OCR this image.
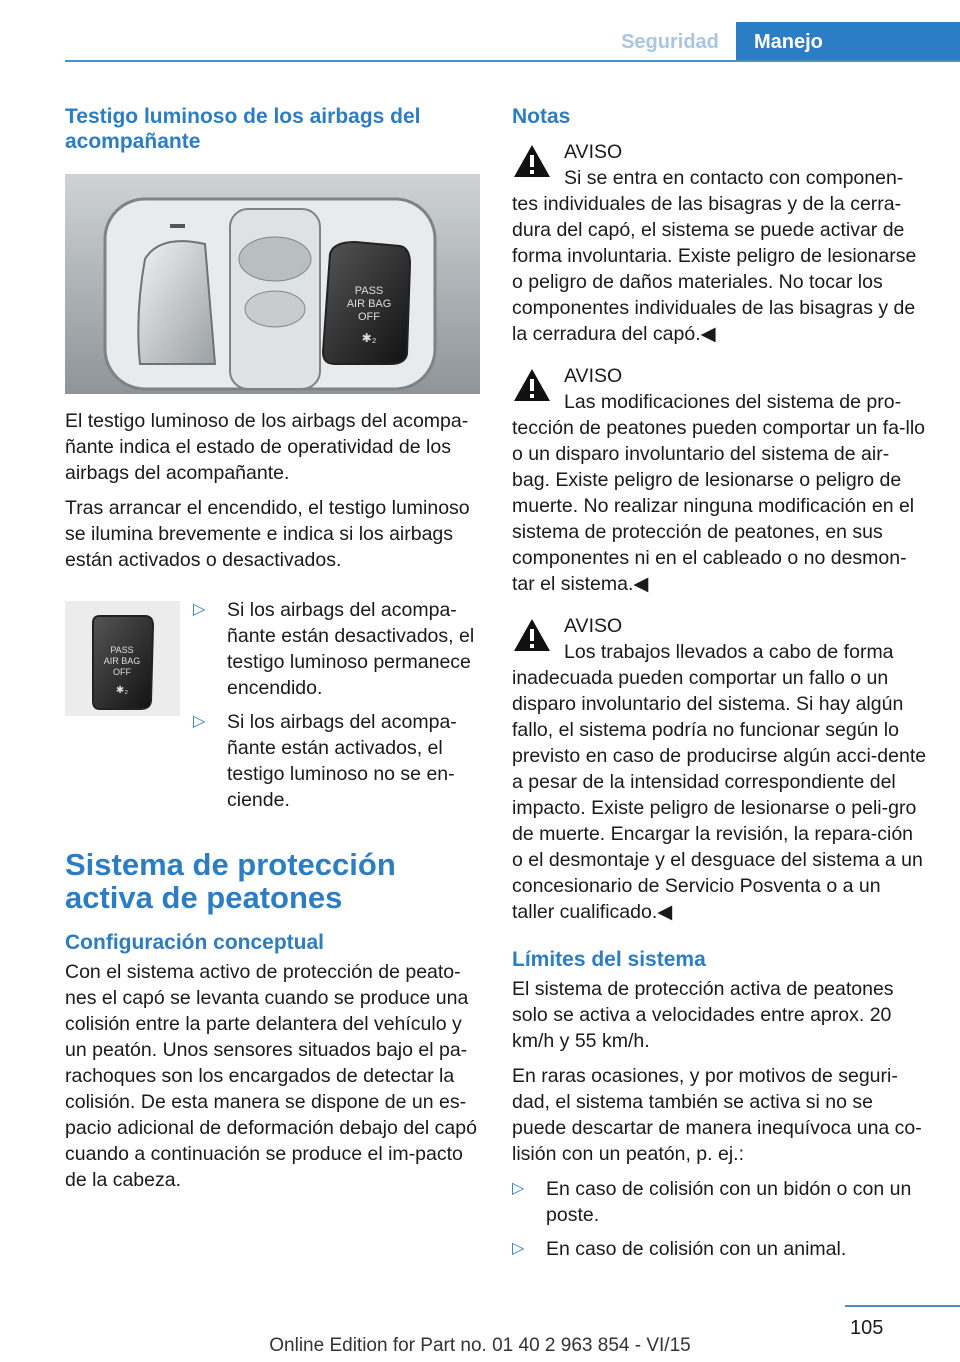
Seguridad	Manejo
Testigo luminoso de los airbags del acompañante
PASS
AIR BAG
OFF
✱₂

El testigo luminoso de los airbags del acompa-ñante indica el estado de operatividad de los airbags del acompañante.

Tras arrancar el encendido, el testigo luminoso se ilumina brevemente e indica si los airbags están activados o desactivados.

PASS
AIR BAG
OFF
✱₂
▷ Si los airbags del acompa-ñante están desactivados, el testigo luminoso permanece encendido.
▷ Si los airbags del acompa-ñante están activados, el testigo luminoso no se en-ciende.
Sistema de protección activa de peatones
Configuración conceptual

Con el sistema activo de protección de peato-nes el capó se levanta cuando se produce una colisión entre la parte delantera del vehículo y un peatón. Unos sensores situados bajo el pa-rachoques son los encargados de detectar la colisión. De esta manera se dispone de un es-pacio adicional de deformación debajo del capó cuando a continuación se produce el im-pacto de la cabeza.

Notas
AVISO
Si se entra en contacto con componen-tes individuales de las bisagras y de la cerra-dura del capó, el sistema se puede activar de forma involuntaria. Existe peligro de lesionarse o peligro de daños materiales. No tocar los componentes individuales de las bisagras y de la cerradura del capó.◀
AVISO
Las modificaciones del sistema de pro-tección de peatones pueden comportar un fa-llo o un disparo involuntario del sistema de air-bag. Existe peligro de lesionarse o peligro de muerte. No realizar ninguna modificación en el sistema de protección de peatones, en sus componentes ni en el cableado o no desmon-tar el sistema.◀
AVISO
Los trabajos llevados a cabo de forma inadecuada pueden comportar un fallo o un disparo involuntario del sistema. Si hay algún fallo, el sistema podría no funcionar según lo previsto en caso de producirse algún acci-dente a pesar de la intensidad correspondiente del impacto. Existe peligro de lesionarse o peli-gro de muerte. Encargar la revisión, la repara-ción o el desmontaje y el desguace del sistema a un concesionario de Servicio Posventa o a un taller cualificado.◀
Límites del sistema

El sistema de protección activa de peatones solo se activa a velocidades entre aprox. 20 km/h y 55 km/h.

En raras ocasiones, y por motivos de seguri-dad, el sistema también se activa si no se puede descartar de manera inequívoca una co-lisión con un peatón, p. ej.:

▷ En caso de colisión con un bidón o con un poste.
▷ En caso de colisión con un animal.
105
Online Edition for Part no. 01 40 2 963 854 - VI/15
